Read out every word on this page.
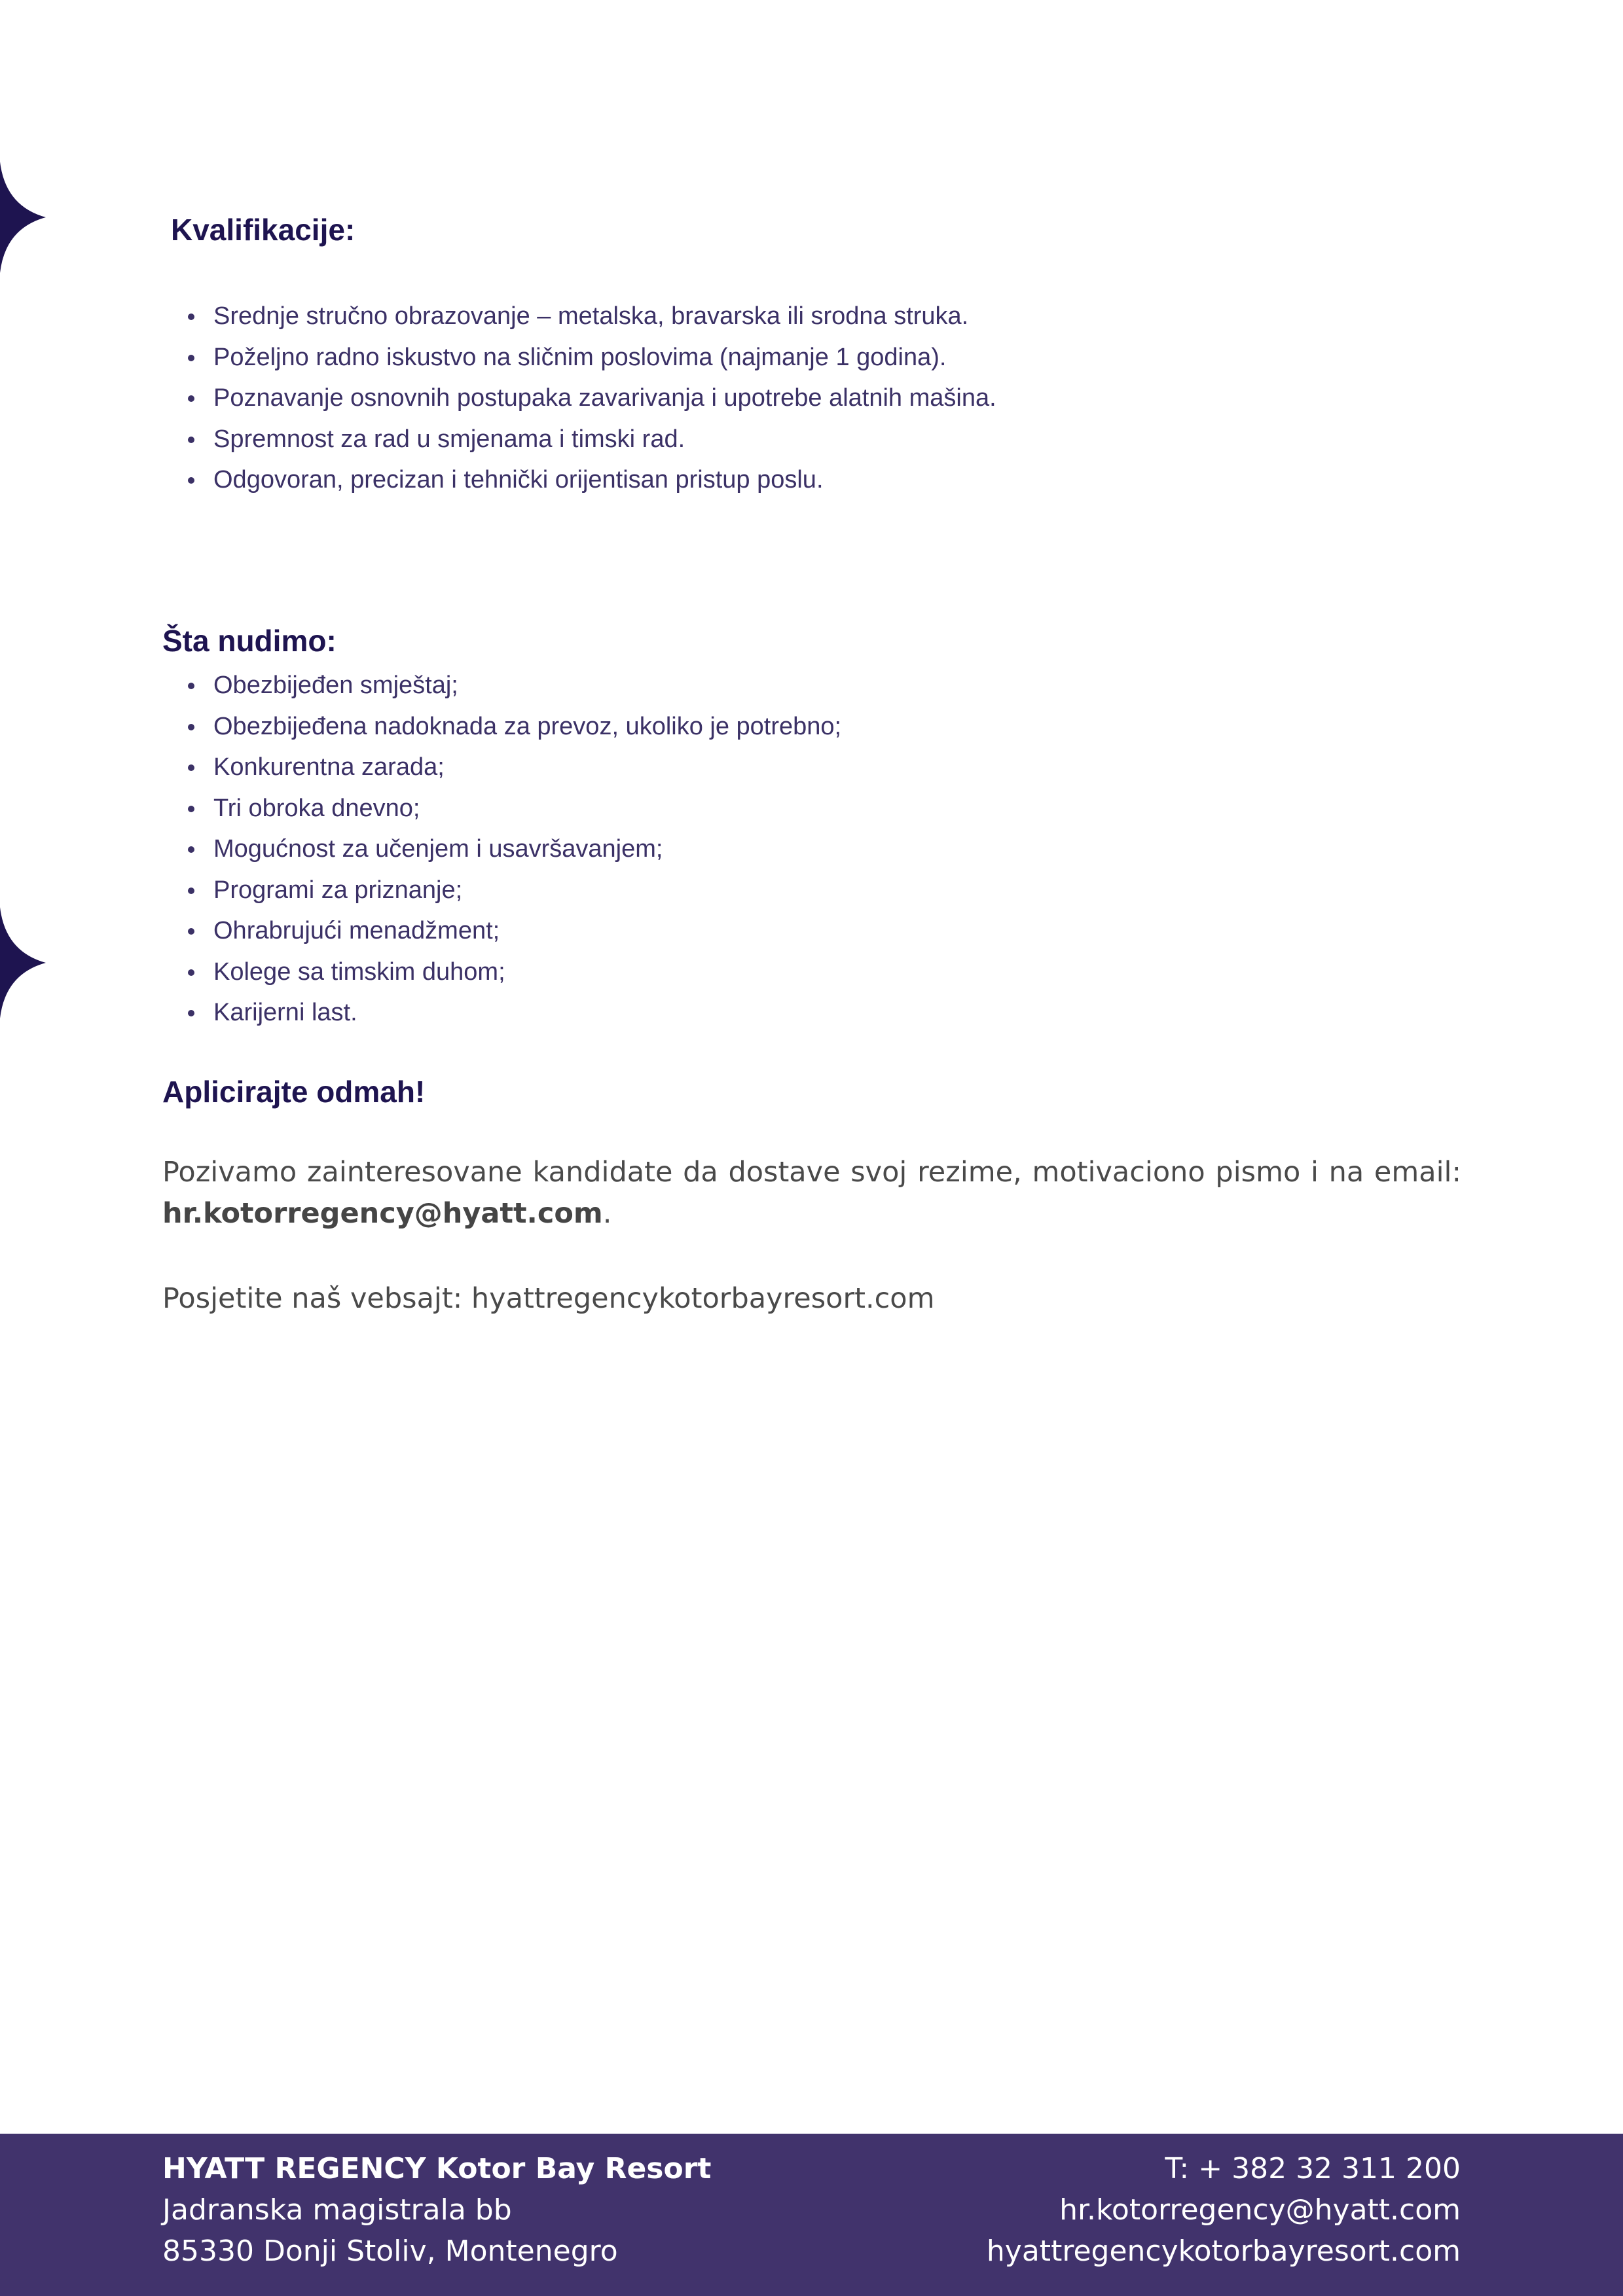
Kvalifikacije:
Srednje stručno obrazovanje – metalska, bravarska ili srodna struka.
Poželjno radno iskustvo na sličnim poslovima (najmanje 1 godina).
Poznavanje osnovnih postupaka zavarivanja i upotrebe alatnih mašina.
Spremnost za rad u smjenama i timski rad.
Odgovoran, precizan i tehnički orijentisan pristup poslu.
Šta nudimo:
Obezbijeđen smještaj;
Obezbijeđena nadoknada za prevoz, ukoliko je potrebno;
Konkurentna zarada;
Tri obroka dnevno;
Mogućnost za učenjem i usavršavanjem;
Programi za priznanje;
Ohrabrujući menadžment;
Kolege sa timskim duhom;
Karijerni last.
Aplicirajte odmah!

Pozivamo zainteresovane kandidate da dostave svoj rezime, motivaciono pismo i na email: hr.kotorregency@hyatt.com.

Posjetite naš vebsajt: hyattregencykotorbayresort.com

HYATT REGENCY Kotor Bay Resort
Jadranska magistrala bb
85330 Donji Stoliv, Montenegro
T: + 382 32 311 200
hr.kotorregency@hyatt.com
hyattregencykotorbayresort.com
